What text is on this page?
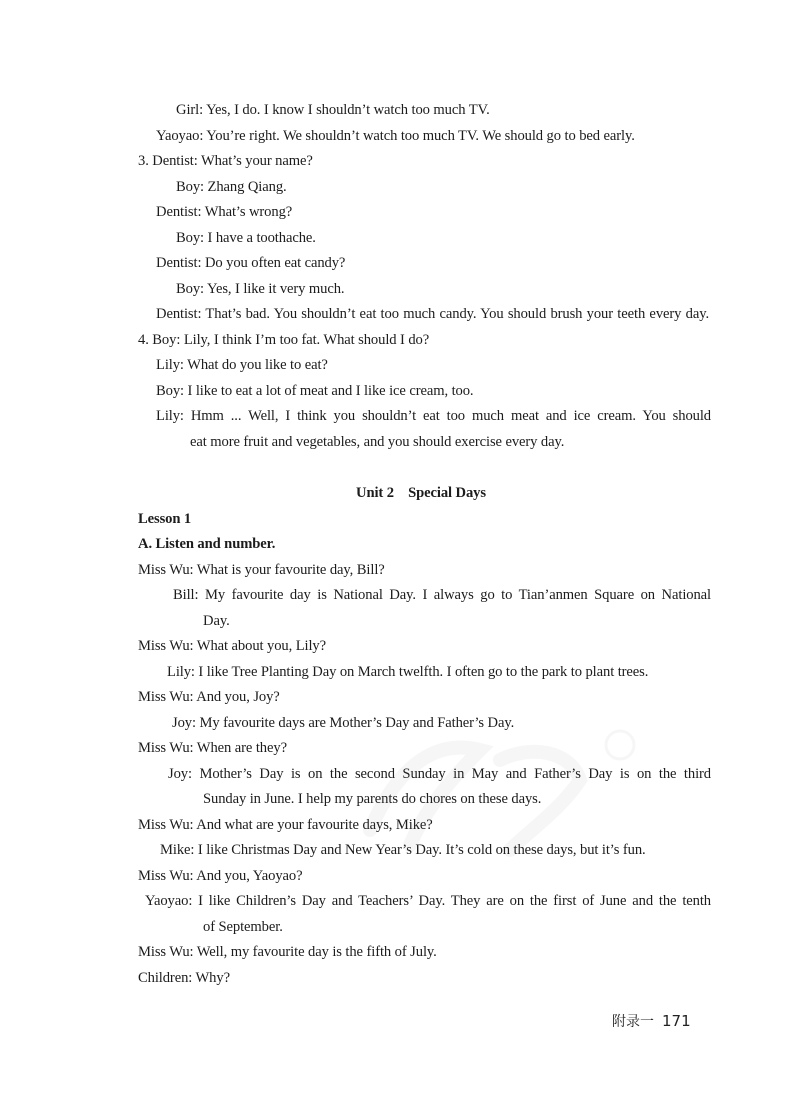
Girl: Yes, I do. I know I shouldn’t watch too much TV.
Yaoyao: You’re right. We shouldn’t watch too much TV. We should go to bed early.
3. Dentist: What’s your name?
Boy: Zhang Qiang.
Dentist: What’s wrong?
Boy: I have a toothache.
Dentist: Do you often eat candy?
Boy: Yes, I like it very much.
Dentist: That’s bad. You shouldn’t eat too much candy. You should brush your teeth every day.
4. Boy: Lily, I think I’m too fat. What should I do?
Lily: What do you like to eat?
Boy: I like to eat a lot of meat and I like ice cream, too.
Lily: Hmm ... Well, I think you shouldn’t eat too much meat and ice cream. You should
eat more fruit and vegetables, and you should exercise every day.
Unit 2    Special Days
Lesson 1
A. Listen and number.
Miss Wu: What is your favourite day, Bill?
Bill: My favourite day is National Day. I always go to Tian’anmen Square on National
Day.
Miss Wu: What about you, Lily?
Lily: I like Tree Planting Day on March twelfth. I often go to the park to plant trees.
Miss Wu: And you, Joy?
Joy: My favourite days are Mother’s Day and Father’s Day.
Miss Wu: When are they?
Joy: Mother’s Day is on the second Sunday in May and Father’s Day is on the third
Sunday in June. I help my parents do chores on these days.
Miss Wu: And what are your favourite days, Mike?
Mike: I like Christmas Day and New Year’s Day. It’s cold on these days, but it’s fun.
Miss Wu: And you, Yaoyao?
Yaoyao: I like Children’s Day and Teachers’ Day. They are on the first of June and the tenth
of September.
Miss Wu: Well, my favourite day is the fifth of July.
Children: Why?
附录一 171
